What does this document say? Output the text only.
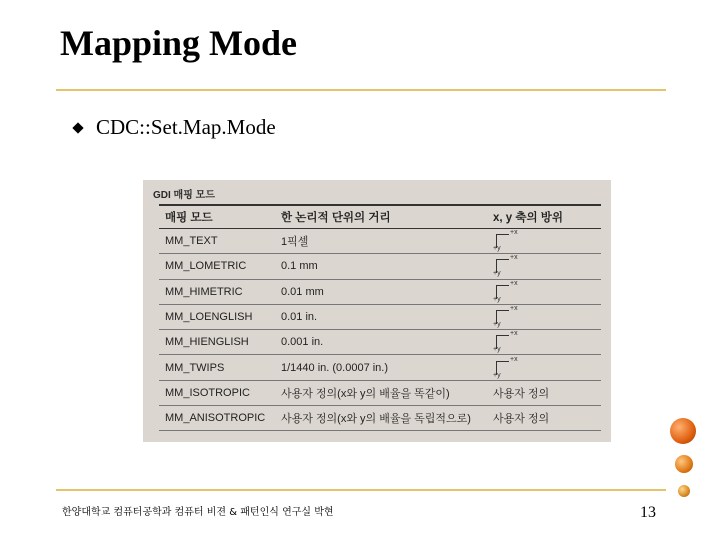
Mapping Mode
CDC::Set.Map.Mode
GDI 매핑 모드
매핑 모드	한 논리적 단위의 거리	x, y 축의 방위
MM_TEXT	1픽셀	+x
+y

MM_LOMETRIC	0.1 mm	+x
+y

MM_HIMETRIC	0.01 mm	+x
+y

MM_LOENGLISH	0.01 in.	+x
+y

MM_HIENGLISH	0.001 in.	+x
+y

MM_TWIPS	1/1440 in. (0.0007 in.)	+x
+y

MM_ISOTROPIC	사용자 정의(x와 y의 배율을 똑같이)	사용자 정의
MM_ANISOTROPIC	사용자 정의(x와 y의 배율을 독립적으로)	사용자 정의
한양대학교 컴퓨터공학과 컴퓨터 비젼 & 패턴인식 연구실 박현	13
